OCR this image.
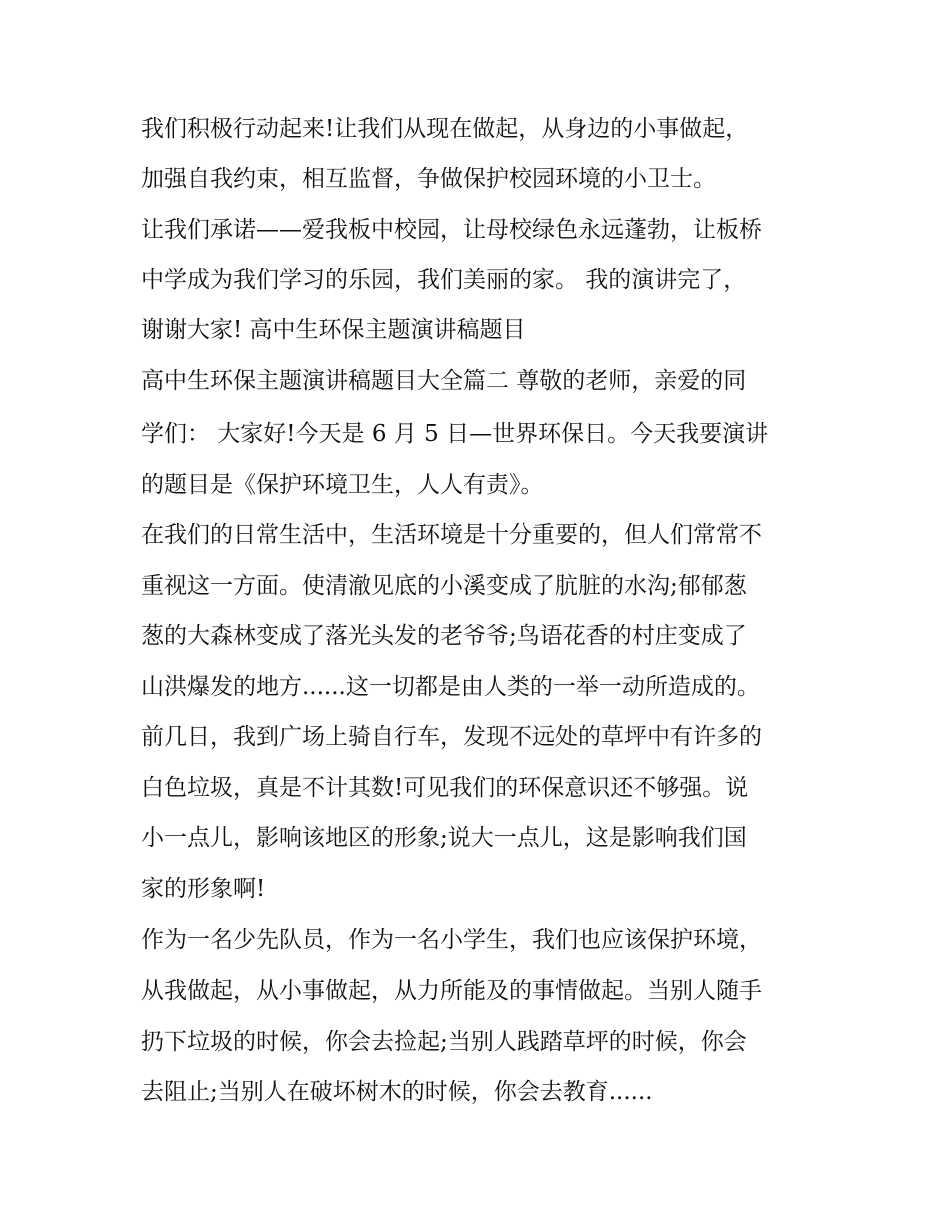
我们积极行动起来!让我们从现在做起，从身边的小事做起，
加强自我约束，相互监督，争做保护校园环境的小卫士。
让我们承诺——爱我板中校园，让母校绿色永远蓬勃，让板桥
中学成为我们学习的乐园，我们美丽的家。 我的演讲完了，
谢谢大家! 高中生环保主题演讲稿题目
高中生环保主题演讲稿题目大全篇二 尊敬的老师，亲爱的同
学们： 大家好!今天是 6 月 5 日—世界环保日。今天我要演讲
的题目是《保护环境卫生，人人有责》。
在我们的日常生活中，生活环境是十分重要的，但人们常常不
重视这一方面。使清澈见底的小溪变成了肮脏的水沟;郁郁葱
葱的大森林变成了落光头发的老爷爷;鸟语花香的村庄变成了
山洪爆发的地方......这一切都是由人类的一举一动所造成的。
前几日，我到广场上骑自行车，发现不远处的草坪中有许多的
白色垃圾，真是不计其数!可见我们的环保意识还不够强。说
小一点儿，影响该地区的形象;说大一点儿，这是影响我们国
家的形象啊!
作为一名少先队员，作为一名小学生，我们也应该保护环境，
从我做起，从小事做起，从力所能及的事情做起。当别人随手
扔下垃圾的时候，你会去捡起;当别人践踏草坪的时候，你会
去阻止;当别人在破坏树木的时候，你会去教育......
